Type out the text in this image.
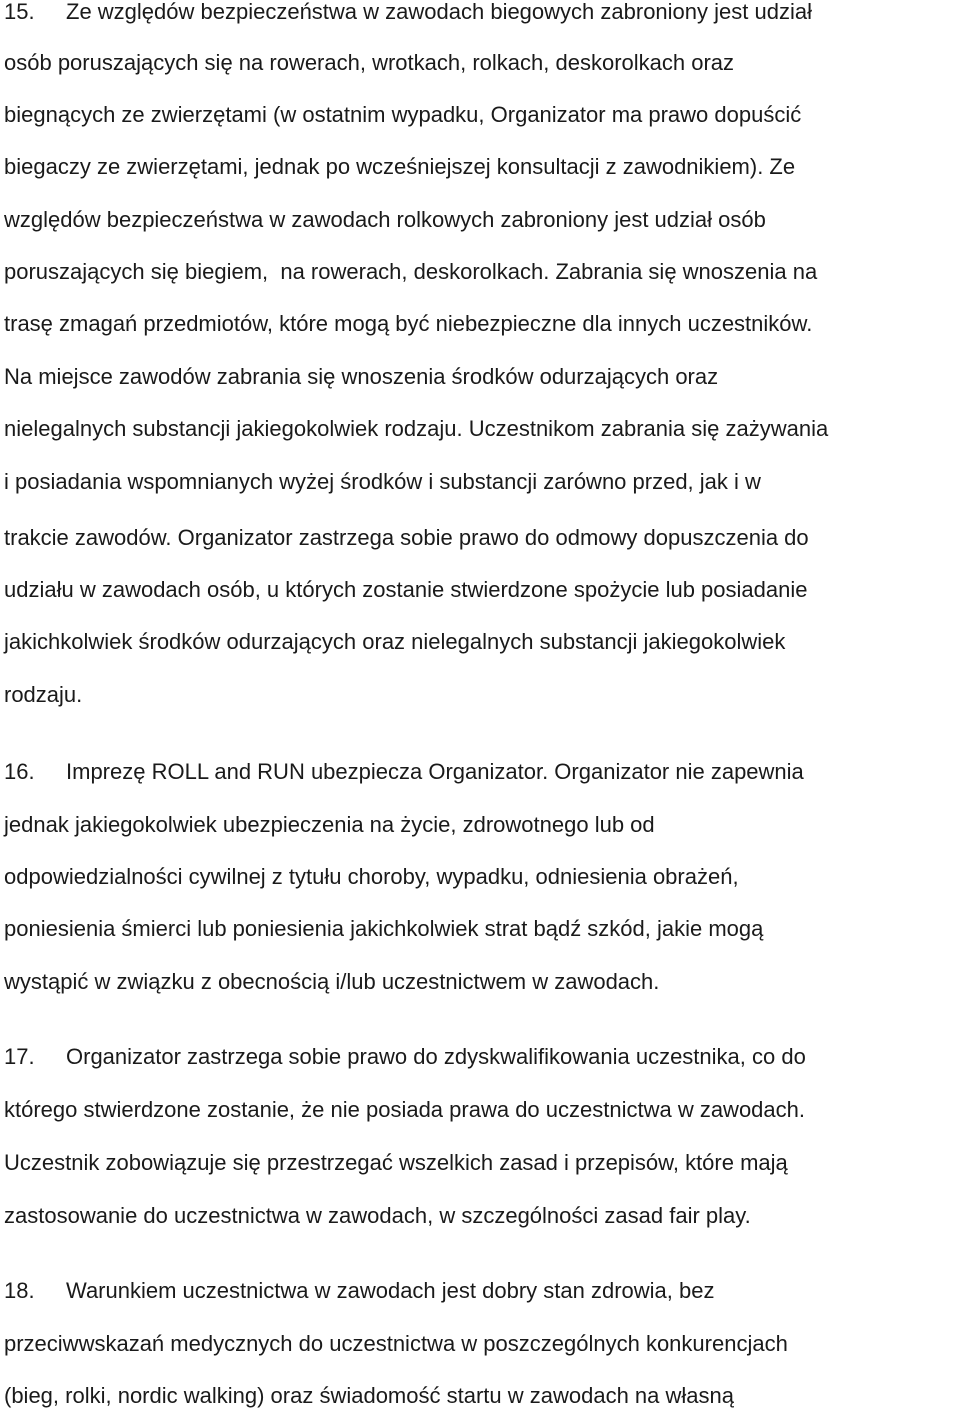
15. Ze względów bezpieczeństwa w zawodach biegowych zabroniony jest udział
osób poruszających się na rowerach, wrotkach, rolkach, deskorolkach oraz
biegnących ze zwierzętami (w ostatnim wypadku, Organizator ma prawo dopuścić
biegaczy ze zwierzętami, jednak po wcześniejszej konsultacji z zawodnikiem). Ze
względów bezpieczeństwa w zawodach rolkowych zabroniony jest udział osób
poruszających się biegiem,  na rowerach, deskorolkach. Zabrania się wnoszenia na
trasę zmagań przedmiotów, które mogą być niebezpieczne dla innych uczestników.
Na miejsce zawodów zabrania się wnoszenia środków odurzających oraz
nielegalnych substancji jakiegokolwiek rodzaju. Uczestnikom zabrania się zażywania
i posiadania wspomnianych wyżej środków i substancji zarówno przed, jak i w
trakcie zawodów. Organizator zastrzega sobie prawo do odmowy dopuszczenia do
udziału w zawodach osób, u których zostanie stwierdzone spożycie lub posiadanie
jakichkolwiek środków odurzających oraz nielegalnych substancji jakiegokolwiek
rodzaju.
16. Imprezę ROLL and RUN ubezpiecza Organizator. Organizator nie zapewnia
jednak jakiegokolwiek ubezpieczenia na życie, zdrowotnego lub od
odpowiedzialności cywilnej z tytułu choroby, wypadku, odniesienia obrażeń,
poniesienia śmierci lub poniesienia jakichkolwiek strat bądź szkód, jakie mogą
wystąpić w związku z obecnością i/lub uczestnictwem w zawodach.
17. Organizator zastrzega sobie prawo do zdyskwalifikowania uczestnika, co do
którego stwierdzone zostanie, że nie posiada prawa do uczestnictwa w zawodach.
Uczestnik zobowiązuje się przestrzegać wszelkich zasad i przepisów, które mają
zastosowanie do uczestnictwa w zawodach, w szczególności zasad fair play.
18. Warunkiem uczestnictwa w zawodach jest dobry stan zdrowia, bez
przeciwwskazań medycznych do uczestnictwa w poszczególnych konkurencjach
(bieg, rolki, nordic walking) oraz świadomość startu w zawodach na własną
